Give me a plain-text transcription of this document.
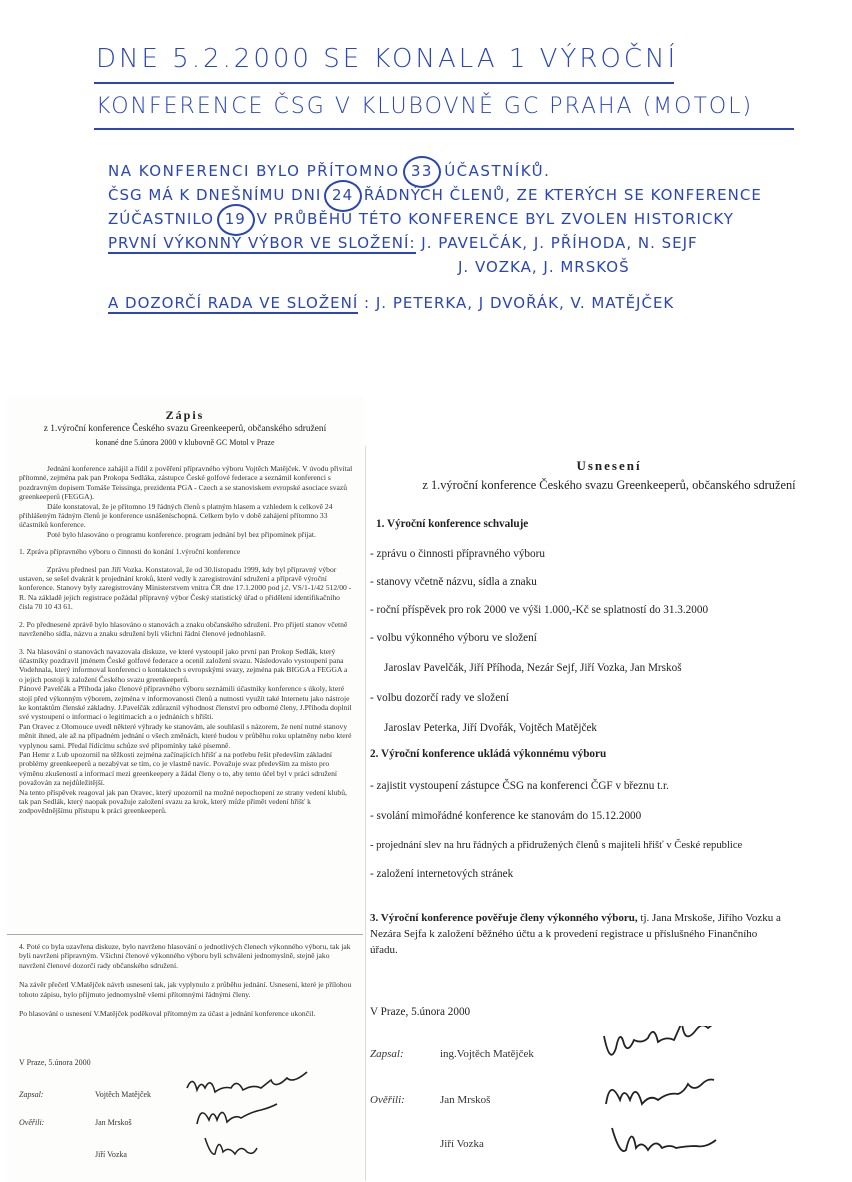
DNE 5.2.2000 SE KONALA 1 VÝROČNÍ
KONFERENCE ČSG V KLUBOVNĚ GC PRAHA (MOTOL)
NA KONFERENCI BYLO PŘÍTOMNO 33 ÚČASTNÍKŮ.
ČSG MÁ K DNEŠNÍMU DNI 24 ŘÁDNÝCH ČLENŮ, ZE KTERÝCH SE KONFERENCE
ZÚČASTNILO 19 V PRŮBĚHU TÉTO KONFERENCE BYL ZVOLEN HISTORICKY
PRVNÍ VÝKONNÝ VÝBOR VE SLOŽENÍ: J. PAVELČÁK, J. PŘÍHODA, N. SEJF
J. VOZKA, J. MRSKOŠ
A DOZORČÍ RADA VE SLOŽENÍ : J. PETERKA, J DVOŘÁK, V. MATĚJČEK
Zápis
z 1.výroční konference Českého svazu Greenkeeperů, občanského sdružení
konané dne 5.února 2000 v klubovně GC Motol v Praze

Jednání konference zahájil a řídil z pověření přípravného výboru Vojtěch Matějček. V úvodu přivítal přítomné, zejména pak pan Prokopa Sedláka, zástupce České golfové federace a seznámil konferenci s pozdravným dopisem Tomáše Teissinga, prezidenta PGA - Czech a se stanoviskem evropské asociace svazů greenkeeperů (FEGGA).

Dále konstatoval, že je přítomno 19 řádných členů s platným hlasem a vzhledem k celkově 24 přihlášeným řádným členů je konference usnášeníschopná. Celkem bylo v době zahájení přítomno 33 účastníků konference.

Poté bylo hlasováno o programu konference. program jednání byl bez připomínek přijat.

1. Zpráva přípravného výboru o činnosti do konání 1.výroční konference

Zprávu přednesl pan Jiří Vozka. Konstatoval, že od 30.listopadu 1999, kdy byl přípravný výbor ustaven, se sešel dvakrát k projednání kroků, které vedly k zaregistrování sdružení a přípravě výroční konference. Stanovy byly zaregistrovány Ministerstvem vnitra ČR dne 17.1.2000 pod j.č. VS/1-1/42 512/00 - R. Na základě jejich registrace požádal přípravný výbor Český statistický úřad o přidělení identifikačního čísla 70 10 43 61.

2. Po přednesené zprávě bylo hlasováno o stanovách a znaku občanského sdružení. Pro přijetí stanov včetně navrženého sídla, názvu a znaku sdružení byli všichni řádní členové jednohlasně.

3. Na hlasování o stanovách navazovala diskuze, ve které vystoupil jako první pan Prokop Sedlák, který účastníky pozdravil jménem České golfové federace a ocenil založení svazu. Následovalo vystoupení pana Vodehnala, který informoval konferenci o kontaktech s evropskými svazy, zejména pak BIGGA a FEGGA a o jejich postoji k založení Českého svazu greenkeeperů.

Pánové Pavelčák a Příhoda jako členové přípravného výboru seznámili účastníky konference s úkoly, které stojí před výkonným výborem, zejména v informovanosti členů a nutnosti využít také Internetu jako nástroje ke kontaktům členské základny. J.Pavelčák zdůraznil výhodnost členství pro odborné členy, J.Příhoda doplnil své vystoupení o informaci o legitimacích a o jednáních s hřišti.

Pan Oravec z Olomouce uvedl některé výhrady ke stanovám, ale souhlasil s názorem, že není nutné stanovy měnit ihned, ale až na případném jednání o všech změnách, které budou v průběhu roku uplatněny nebo které vyplynou sami. Předal řídícímu schůze své připomínky také písemně.

Pan Hemr z Lub upozornil na těžkosti zejména začínajících hřišť a na potřebu řešit především základní problémy greenkeeperů a nezabývat se tím, co je vlastně navíc. Považuje svaz především za místo pro výměnu zkušeností a informací mezi greenkeepery a žádal členy o to, aby tento účel byl v práci sdružení považován za nejdůležitější.

Na tento příspěvek reagoval jak pan Oravec, který upozornil na možné nepochopení ze strany vedení klubů, tak pan Sedlák, který naopak považuje založení svazu za krok, který může přimět vedení hřišť k zodpovědnějšímu přístupu k práci greenkeeperů.

4. Poté co byla uzavřena diskuze, bylo navrženo hlasování o jednotlivých členech výkonného výboru, tak jak byli navrženi přípravným. Všichni členové výkonného výboru byli schváleni jednomyslně, stejně jako navržení členové dozorčí rady občanského sdružení.

Na závěr přečetl V.Matějček návrh usnesení tak, jak vyplynulo z průběhu jednání. Usnesení, které je přílohou tohoto zápisu, bylo přijmuto jednomyslně všemi přítomnými řádnými členy.

Po hlasování o usnesení V.Matějček poděkoval přítomným za účast a jednání konference ukončil.

V Praze, 5.února 2000
Zapsal:	Vojtěch Matějček
Ověřili:	Jan Mrskoš
Jiří Vozka
Usnesení
z 1.výroční konference Českého svazu Greenkeeperů, občanského sdružení
1. Výroční konference schvaluje
- zprávu o činnosti přípravného výboru
- stanovy včetně názvu, sídla a znaku
- roční příspěvek pro rok 2000 ve výši 1.000,-Kč se splatností do 31.3.2000
- volbu výkonného výboru ve složení
Jaroslav Pavelčák, Jiří Příhoda, Nezár Sejf, Jiří Vozka, Jan Mrskoš
- volbu dozorčí rady ve složení
Jaroslav Peterka, Jiří Dvořák, Vojtěch Matějček
2. Výroční konference ukládá výkonnému výboru
- zajistit vystoupení zástupce ČSG na konferenci ČGF v březnu t.r.
- svolání mimořádné konference ke stanovám do 15.12.2000
- projednání slev na hru řádných a přidružených členů s majiteli hřišť v České republice
- založení internetových stránek
3. Výroční konference pověřuje členy výkonného výboru, tj. Jana Mrskoše, Jiřího Vozku a
Nezára Sejfa k založení běžného účtu a k provedení registrace u příslušného Finančního
úřadu.
V Praze, 5.února 2000
Zapsal:	ing.Vojtěch Matějček
Ověřili:	Jan Mrskoš
Jiří Vozka
